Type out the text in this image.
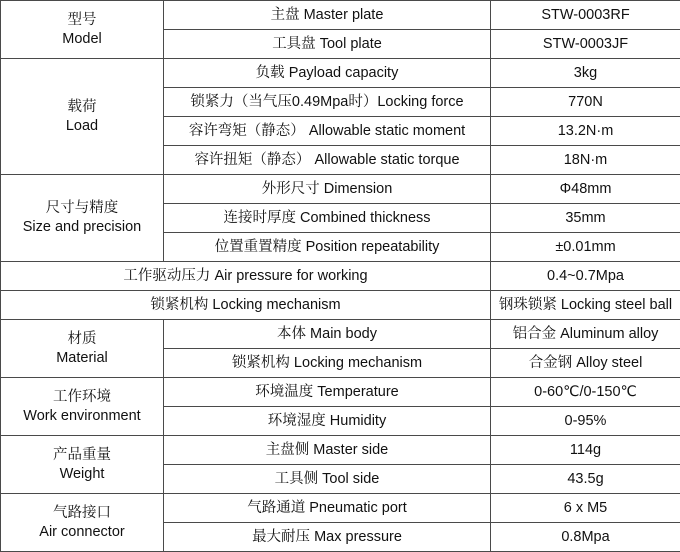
型号
Model	主盘 Master plate	STW-0003RF
	工具盘 Tool plate	STW-0003JF

载荷
Load	负载 Payload capacity	3kg
	锁紧力（当气压0.49Mpa时）Locking force	770N
	容许弯矩（静态） Allowable static moment	13.2N·m
	容许扭矩（静态） Allowable static torque	18N·m

尺寸与精度
Size and precision	外形尺寸 Dimension	Φ48mm
	连接时厚度 Combined thickness	35mm
	位置重置精度 Position repeatability	±0.01mm
工作驱动压力 Air pressure for working		0.4~0.7Mpa
锁紧机构 Locking mechanism		钢珠锁紧 Locking steel ball

材质
Material	本体 Main body	铝合金 Aluminum alloy
	锁紧机构 Locking mechanism	合金钢 Alloy steel

工作环境
Work environment	环境温度 Temperature	0-60℃/0-150℃
	环境湿度 Humidity	0-95%

产品重量
Weight	主盘侧 Master side	114g
	工具侧 Tool side	43.5g

气路接口
Air connector	气路通道 Pneumatic port	6 x M5
	最大耐压 Max pressure	0.8Mpa
